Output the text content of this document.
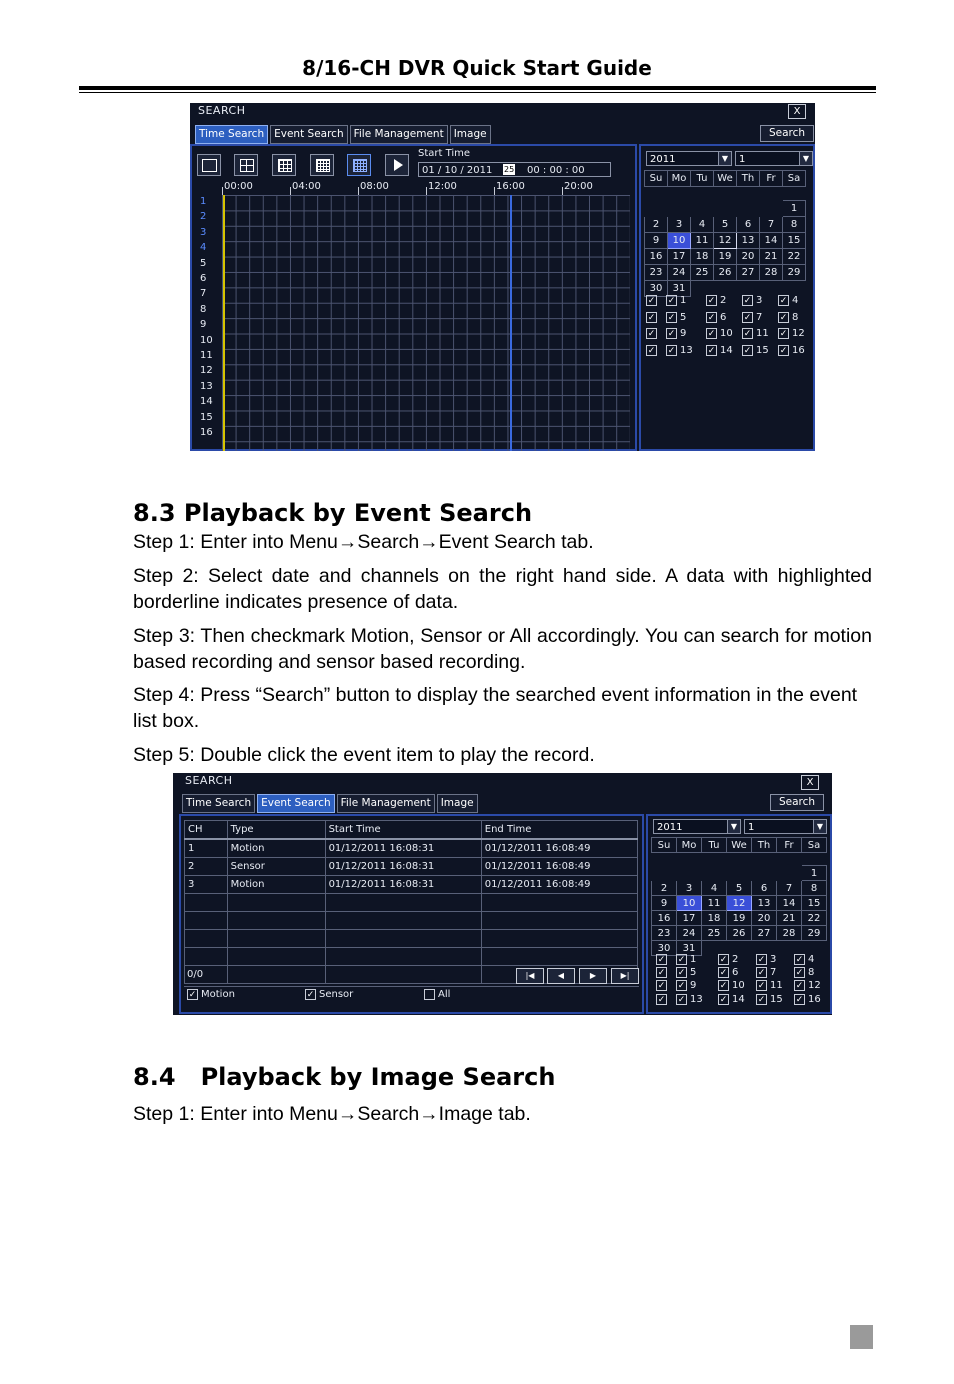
8/16-CH DVR Quick Start Guide
SEARCH	X
Time Search Event Search File Management Image	Search
Start Time
01 / 10 / 2011 25 00 : 00 : 00
00:00	04:00	08:00	12:00	16:00	20:00
1
2
3
4
5
6
7
8
9
10
11
12
13
14
15
16
2011	▼	1	▼
Su	Mo	Tu	We	Th	Fr	Sa

						1
2	3	4	5	6	7	8
9	10	11	12	13	14	15
16	17	18	19	20	21	22
23	24	25	26	27	28	29
30	31					
✓ ✓ 1 ✓ 2 ✓ 3 ✓ 4
✓ ✓ 5 ✓ 6 ✓ 7 ✓ 8
✓ ✓ 9 ✓ 10 ✓ 11 ✓ 12
✓ ✓ 13 ✓ 14 ✓ 15 ✓ 16
8.3 Playback by Event Search
Step 1: Enter into Menu→Search→Event Search tab.
Step 2: Select date and channels on the right hand side. A data with highlighted borderline indicates presence of data.
Step 3: Then checkmark Motion, Sensor or All accordingly. You can search for motion based recording and sensor based recording.
Step 4: Press “Search” button to display the searched event information in the event list box.
Step 5: Double click the event item to play the record.
SEARCH	X
Time Search Event Search File Management Image	Search
CH	Type	Start Time	End Time
1	Motion	01/12/2011 16:08:31	01/12/2011 16:08:49
2	Sensor	01/12/2011 16:08:31	01/12/2011 16:08:49
3	Motion	01/12/2011 16:08:31	01/12/2011 16:08:49

0/0	|◀	◀	▶	▶|
✓ Motion	✓ Sensor	All
2011	▼	1	▼
Su	Mo	Tu	We	Th	Fr	Sa

						1
2	3	4	5	6	7	8
9	10	11	12	13	14	15
16	17	18	19	20	21	22
23	24	25	26	27	28	29
30	31					
✓ ✓ 1	✓ 2 ✓ 3 ✓ 4
✓ ✓ 5	✓ 6 ✓ 7 ✓ 8
✓ ✓ 9	✓ 10 ✓ 11 ✓ 12
✓ ✓ 13 ✓ 14 ✓ 15 ✓ 16
8.4   Playback by Image Search
Step 1: Enter into Menu→Search→Image tab.
